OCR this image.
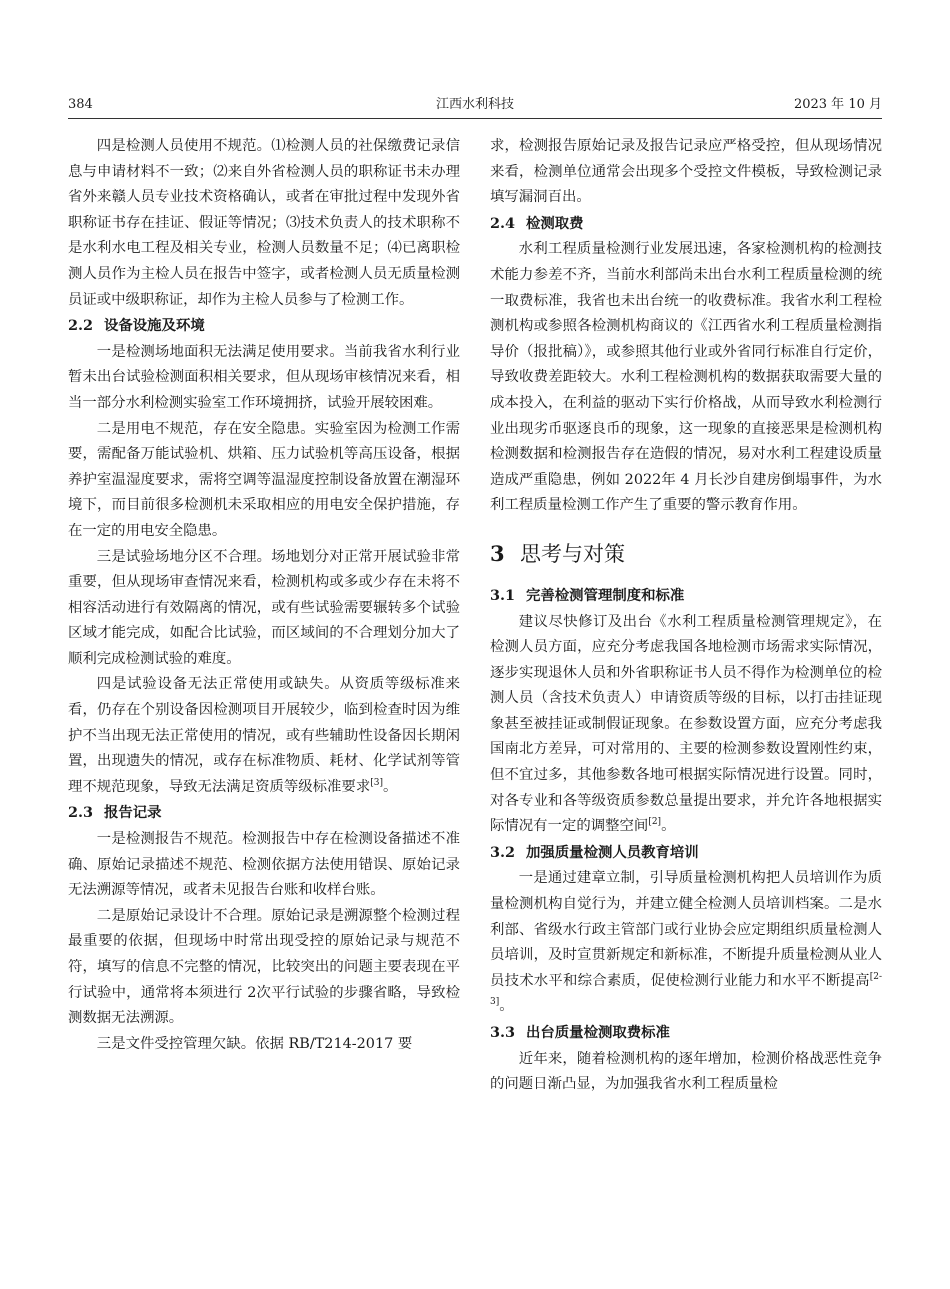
384	江西水利科技	2023 年 10 月

四是检测人员使用不规范。⑴检测人员的社保缴费记录信息与申请材料不一致；⑵来自外省检测人员的职称证书未办理省外来赣人员专业技术资格确认，或者在审批过程中发现外省职称证书存在挂证、假证等情况；⑶技术负责人的技术职称不是水利水电工程及相关专业，检测人员数量不足；⑷已离职检测人员作为主检人员在报告中签字，或者检测人员无质量检测员证或中级职称证，却作为主检人员参与了检测工作。

2.2 设备设施及环境

一是检测场地面积无法满足使用要求。当前我省水利行业暂未出台试验检测面积相关要求，但从现场审核情况来看，相当一部分水利检测实验室工作环境拥挤，试验开展较困难。

二是用电不规范，存在安全隐患。实验室因为检测工作需要，需配备万能试验机、烘箱、压力试验机等高压设备，根据养护室温湿度要求，需将空调等温湿度控制设备放置在潮湿环境下，而目前很多检测机未采取相应的用电安全保护措施，存在一定的用电安全隐患。

三是试验场地分区不合理。场地划分对正常开展试验非常重要，但从现场审查情况来看，检测机构或多或少存在未将不相容活动进行有效隔离的情况，或有些试验需要辗转多个试验区域才能完成，如配合比试验，而区域间的不合理划分加大了顺利完成检测试验的难度。

四是试验设备无法正常使用或缺失。从资质等级标准来看，仍存在个别设备因检测项目开展较少，临到检查时因为维护不当出现无法正常使用的情况，或有些辅助性设备因长期闲置，出现遗失的情况，或存在标准物质、耗材、化学试剂等管理不规范现象，导致无法满足资质等级标准要求[3]。

2.3 报告记录

一是检测报告不规范。检测报告中存在检测设备描述不准确、原始记录描述不规范、检测依据方法使用错误、原始记录无法溯源等情况，或者未见报告台账和收样台账。

二是原始记录设计不合理。原始记录是溯源整个检测过程最重要的依据，但现场中时常出现受控的原始记录与规范不符，填写的信息不完整的情况，比较突出的问题主要表现在平行试验中，通常将本须进行 2次平行试验的步骤省略，导致检测数据无法溯源。

三是文件受控管理欠缺。依据 RB/T214-2017 要

求，检测报告原始记录及报告记录应严格受控，但从现场情况来看，检测单位通常会出现多个受控文件模板，导致检测记录填写漏洞百出。

2.4 检测取费

水利工程质量检测行业发展迅速，各家检测机构的检测技术能力参差不齐，当前水利部尚未出台水利工程质量检测的统一取费标准，我省也未出台统一的收费标准。我省水利工程检测机构或参照各检测机构商议的《江西省水利工程质量检测指导价（报批稿）》，或参照其他行业或外省同行标准自行定价，导致收费差距较大。水利工程检测机构的数据获取需要大量的成本投入，在利益的驱动下实行价格战，从而导致水利检测行业出现劣币驱逐良币的现象，这一现象的直接恶果是检测机构检测数据和检测报告存在造假的情况，易对水利工程建设质量造成严重隐患，例如 2022年 4 月长沙自建房倒塌事件，为水利工程质量检测工作产生了重要的警示教育作用。

3 思考与对策
3.1 完善检测管理制度和标准

建议尽快修订及出台《水利工程质量检测管理规定》，在检测人员方面，应充分考虑我国各地检测市场需求实际情况，逐步实现退休人员和外省职称证书人员不得作为检测单位的检测人员（含技术负责人）申请资质等级的目标，以打击挂证现象甚至被挂证或制假证现象。在参数设置方面，应充分考虑我国南北方差异，可对常用的、主要的检测参数设置刚性约束，但不宜过多，其他参数各地可根据实际情况进行设置。同时，对各专业和各等级资质参数总量提出要求，并允许各地根据实际情况有一定的调整空间[2]。

3.2 加强质量检测人员教育培训

一是通过建章立制，引导质量检测机构把人员培训作为质量检测机构自觉行为，并建立健全检测人员培训档案。二是水利部、省级水行政主管部门或行业协会应定期组织质量检测人员培训，及时宣贯新规定和新标准，不断提升质量检测从业人员技术水平和综合素质，促使检测行业能力和水平不断提高[2-3]。

3.3 出台质量检测取费标准

近年来，随着检测机构的逐年增加，检测价格战恶性竞争的问题日渐凸显，为加强我省水利工程质量检
